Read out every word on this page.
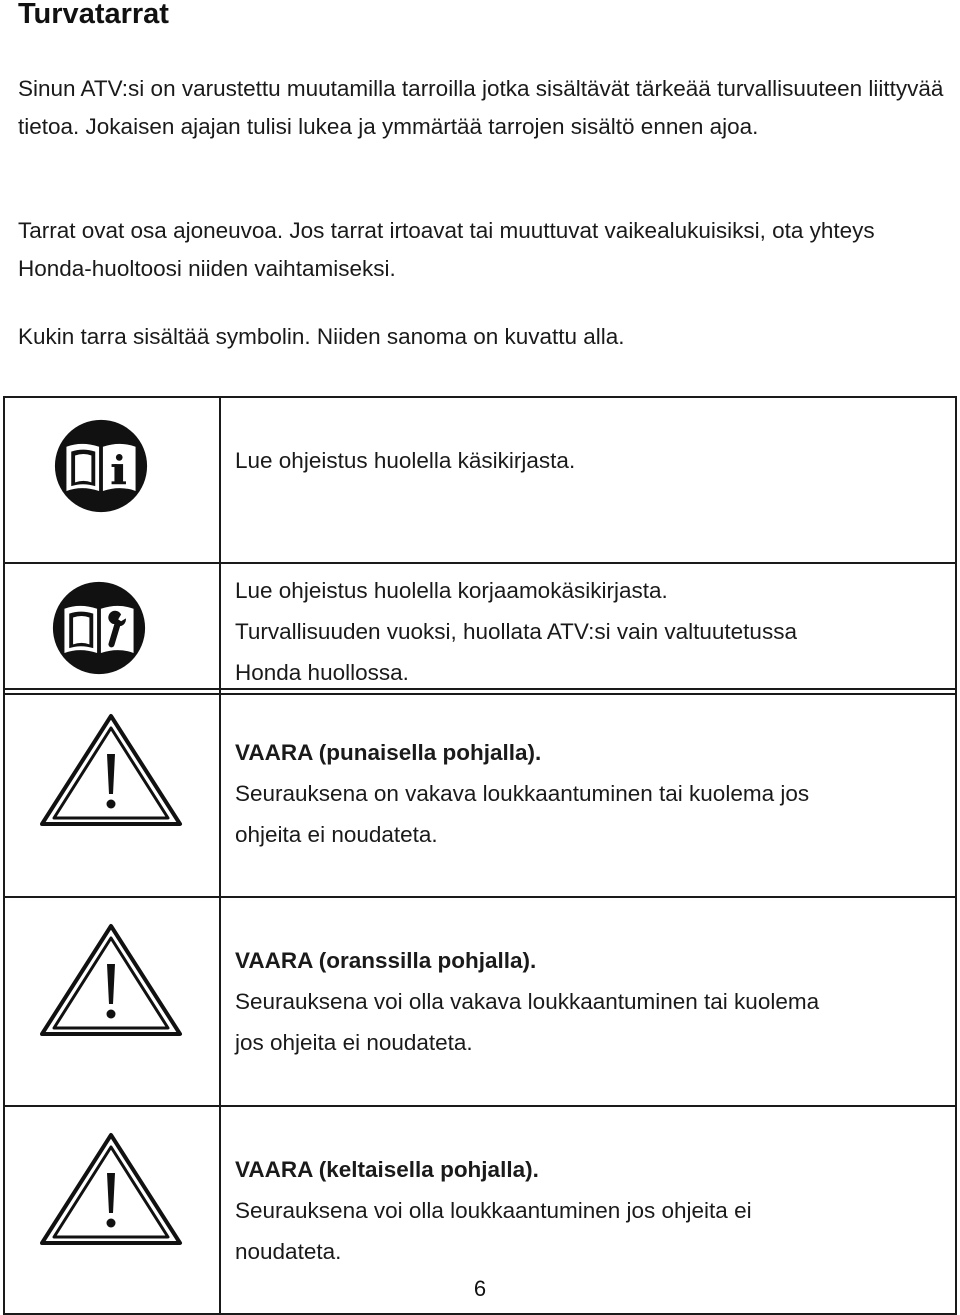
Turvatarrat
Sinun ATV:si on varustettu muutamilla tarroilla jotka sisältävät tärkeää turvallisuuteen liittyvää tietoa. Jokaisen ajajan tulisi lukea ja ymmärtää tarrojen sisältö ennen ajoa.
Tarrat ovat osa ajoneuvoa. Jos tarrat irtoavat tai muuttuvat vaikealukuisiksi, ota yhteys Honda-huoltoosi niiden vaihtamiseksi.
Kukin tarra sisältää symbolin. Niiden sanoma on kuvattu alla.

Lue ohjeistus huolella käsikirjasta.

Lue ohjeistus huolella korjaamokäsikirjasta.
Turvallisuuden vuoksi, huollata ATV:si vain valtuutetussa
Honda huollossa.

VAARA (punaisella pohjalla).
Seurauksena on vakava loukkaantuminen tai kuolema jos
ohjeita ei noudateta.

VAARA (oranssilla pohjalla).
Seurauksena voi olla vakava loukkaantuminen tai kuolema
jos ohjeita ei noudateta.

VAARA (keltaisella pohjalla).
Seurauksena voi olla loukkaantuminen jos ohjeita ei
noudateta.
6
